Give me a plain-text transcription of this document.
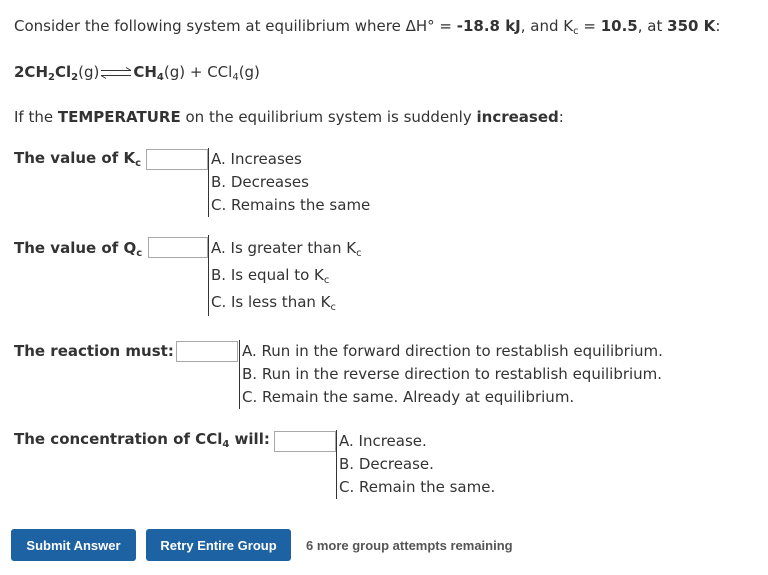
Consider the following system at equilibrium where ΔH° = -18.8 kJ, and $K_c = 10.5$, at 350 K:
$2CH_2Cl_2(g)\rightleftharpoons CH_4(g) + CCl_4(g)$
If the TEMPERATURE on the equilibrium system is suddenly increased:
The value of $K_c$	A. Increases
B. Decreases
C. Remains the same
The value of $Q_c$	A. Is greater than $K_c$
B. Is equal to $K_c$
C. Is less than $K_c$
The reaction must:	A. Run in the forward direction to restablish equilibrium.
B. Run in the reverse direction to restablish equilibrium.
C. Remain the same. Already at equilibrium.
The concentration of CCl$_4$ will:	A. Increase.
B. Decrease.
C. Remain the same.
Submit Answer	Retry Entire Group	6 more group attempts remaining
